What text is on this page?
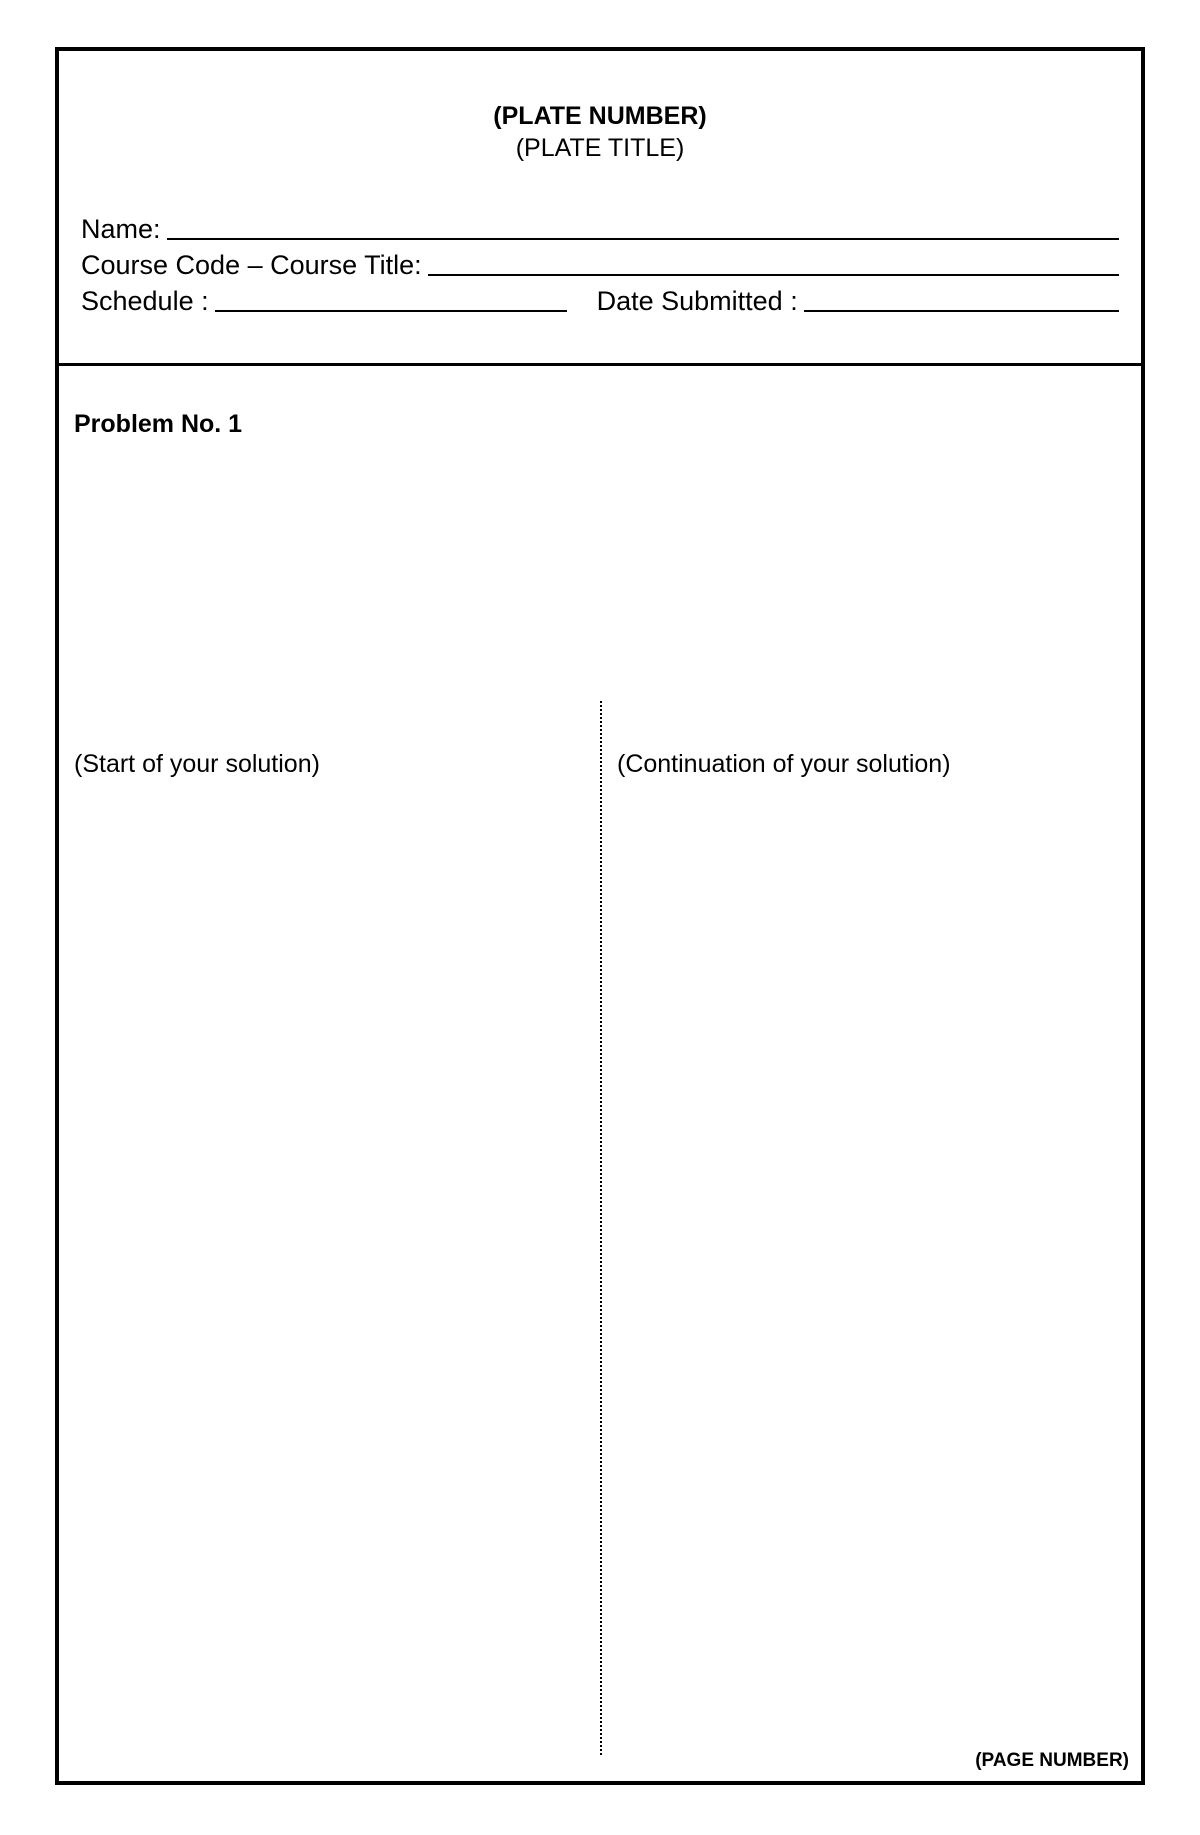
(PLATE NUMBER)
(PLATE TITLE)
Name:
Course Code – Course Title:
Schedule :	Date Submitted :
Problem No. 1
(Start of your solution)	(Continuation of your solution)
(PAGE NUMBER)
